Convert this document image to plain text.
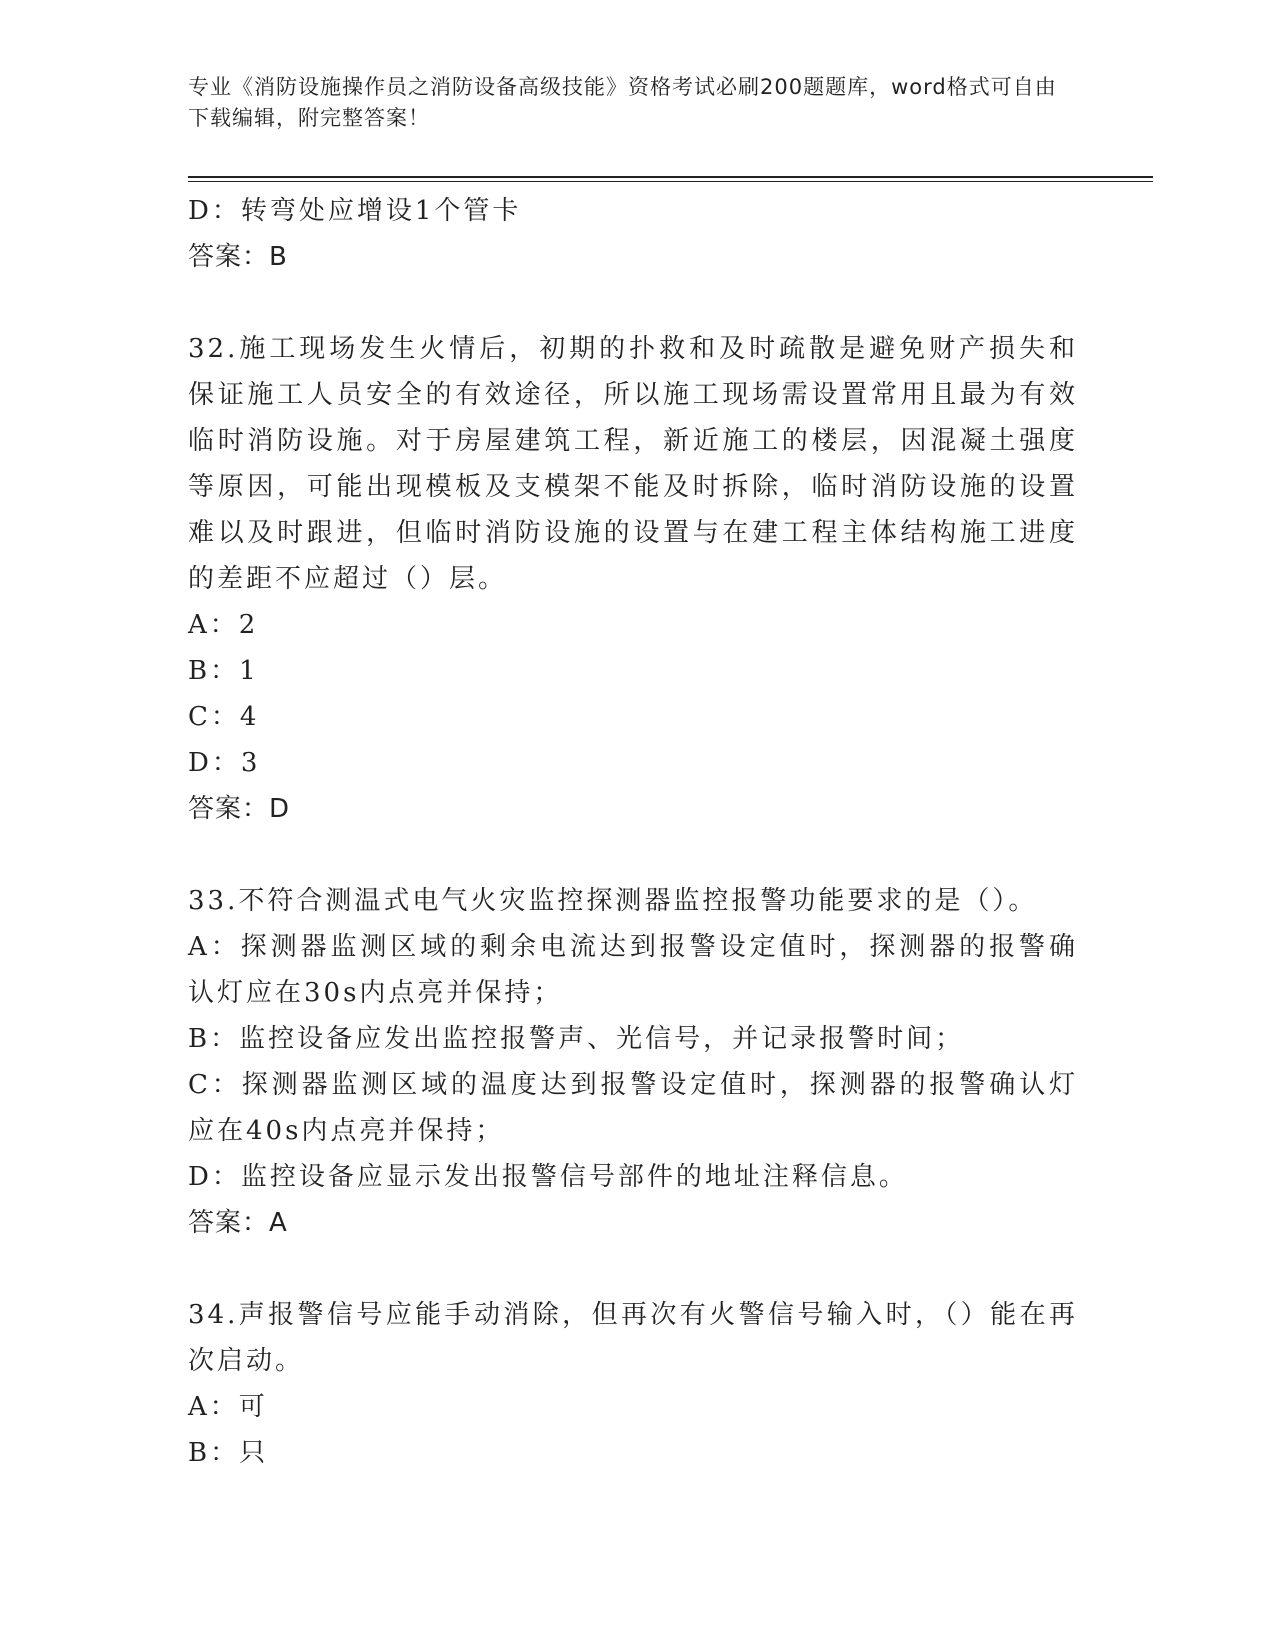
专业《消防设施操作员之消防设备高级技能》资格考试必刷200题题库，word格式可自由下载编辑，附完整答案！
D：转弯处应增设1个管卡
答案：B
32.施工现场发生火情后，初期的扑救和及时疏散是避免财产损失和保证施工人员安全的有效途径，所以施工现场需设置常用且最为有效临时消防设施。对于房屋建筑工程，新近施工的楼层，因混凝土强度等原因，可能出现模板及支模架不能及时拆除，临时消防设施的设置难以及时跟进，但临时消防设施的设置与在建工程主体结构施工进度的差距不应超过（）层。
A：2
B：1
C：4
D：3
答案：D
33.不符合测温式电气火灾监控探测器监控报警功能要求的是（）。
A：探测器监测区域的剩余电流达到报警设定值时，探测器的报警确认灯应在30s内点亮并保持；
B：监控设备应发出监控报警声、光信号，并记录报警时间；
C：探测器监测区域的温度达到报警设定值时，探测器的报警确认灯应在40s内点亮并保持；
D：监控设备应显示发出报警信号部件的地址注释信息。
答案：A
34.声报警信号应能手动消除，但再次有火警信号输入时，（）能在再次启动。
A：可
B：只
